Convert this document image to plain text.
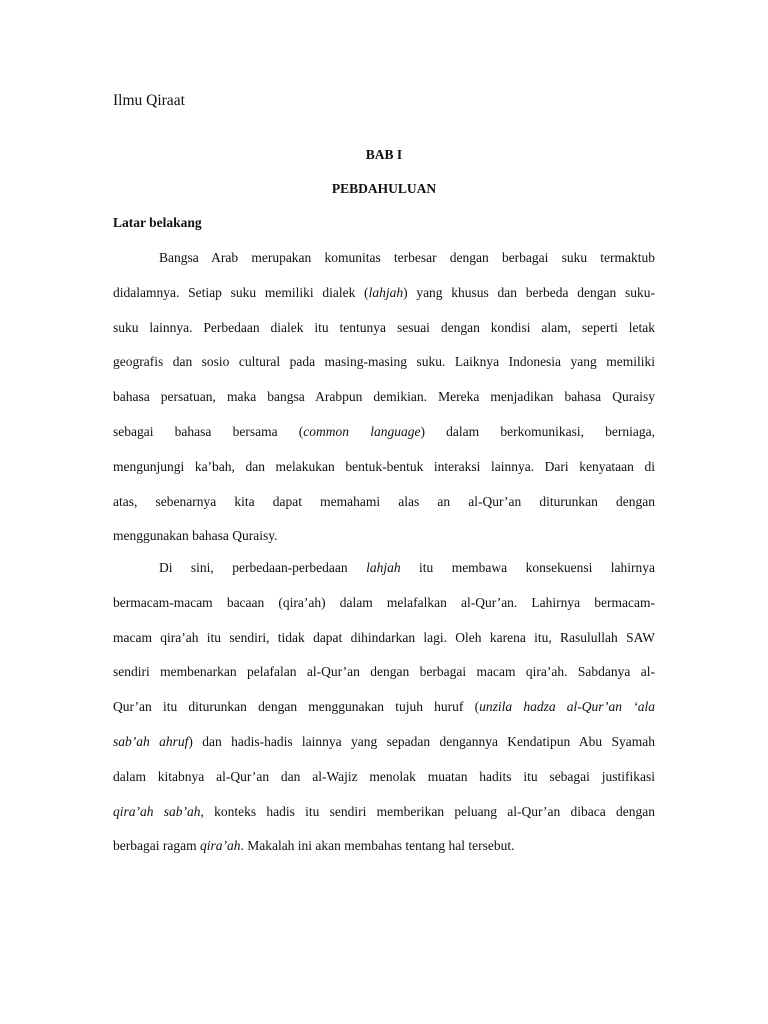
Ilmu Qiraat
BAB I
PEBDAHULUAN
Latar belakang
Bangsa Arab merupakan komunitas terbesar dengan berbagai suku termaktub
didalamnya. Setiap suku memiliki dialek (lahjah) yang khusus dan berbeda dengan suku-
suku lainnya. Perbedaan dialek itu tentunya sesuai dengan kondisi alam, seperti letak
geografis dan sosio cultural pada masing-masing suku. Laiknya Indonesia yang memiliki
bahasa persatuan, maka bangsa Arabpun demikian. Mereka menjadikan bahasa Quraisy
sebagai bahasa bersama (common language) dalam berkomunikasi, berniaga,
mengunjungi ka’bah, dan melakukan bentuk-bentuk interaksi lainnya. Dari kenyataan di
atas, sebenarnya kita dapat memahami alas an al-Qur’an diturunkan dengan
menggunakan bahasa Quraisy.
Di sini, perbedaan-perbedaan lahjah itu membawa konsekuensi lahirnya
bermacam-macam bacaan (qira’ah) dalam melafalkan al-Qur’an. Lahirnya bermacam-
macam qira’ah itu sendiri, tidak dapat dihindarkan lagi. Oleh karena itu, Rasulullah SAW
sendiri membenarkan pelafalan al-Qur’an dengan berbagai macam qira’ah. Sabdanya al-
Qur’an itu diturunkan dengan menggunakan tujuh huruf (unzila hadza al-Qur’an ‘ala
sab’ah ahruf) dan hadis-hadis lainnya yang sepadan dengannya Kendatipun Abu Syamah
dalam kitabnya al-Qur’an dan al-Wajiz menolak muatan hadits itu sebagai justifikasi
qira’ah sab’ah, konteks hadis itu sendiri memberikan peluang al-Qur’an dibaca dengan
berbagai ragam qira’ah. Makalah ini akan membahas tentang hal tersebut.
